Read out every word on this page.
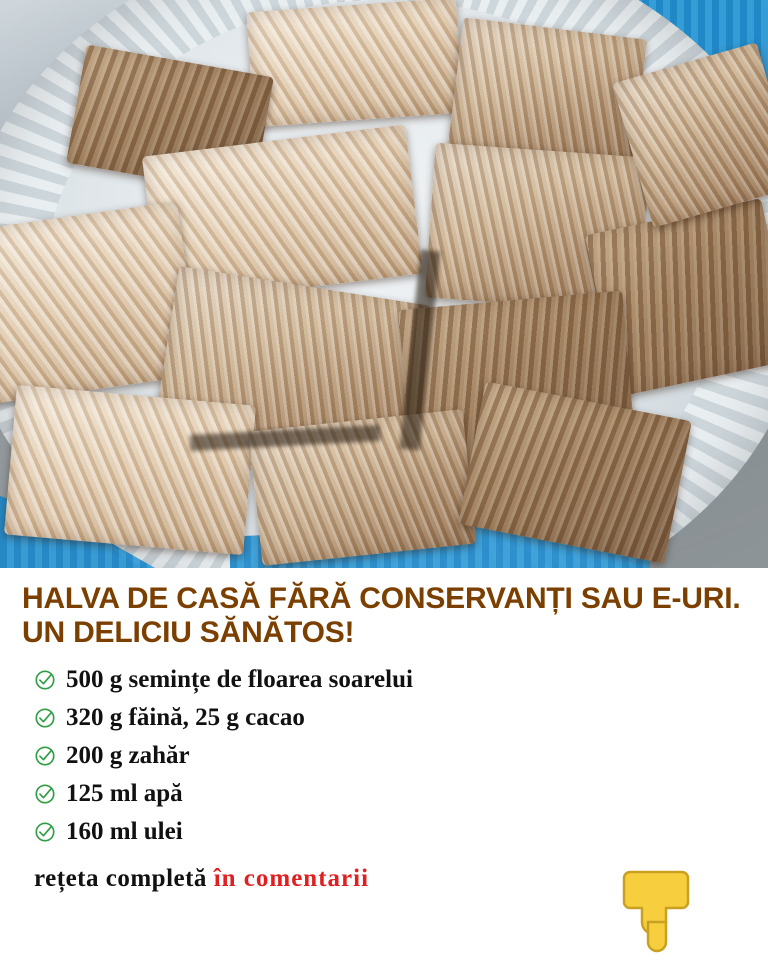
HALVA DE CASĂ FĂRĂ CONSERVANȚI SAU E-URI. UN DELICIU SĂNĂTOS!
500 g semințe de floarea soarelui
320 g făină, 25 g cacao
200 g zahăr
125 ml apă
160 ml ulei
rețeta completă în comentarii
